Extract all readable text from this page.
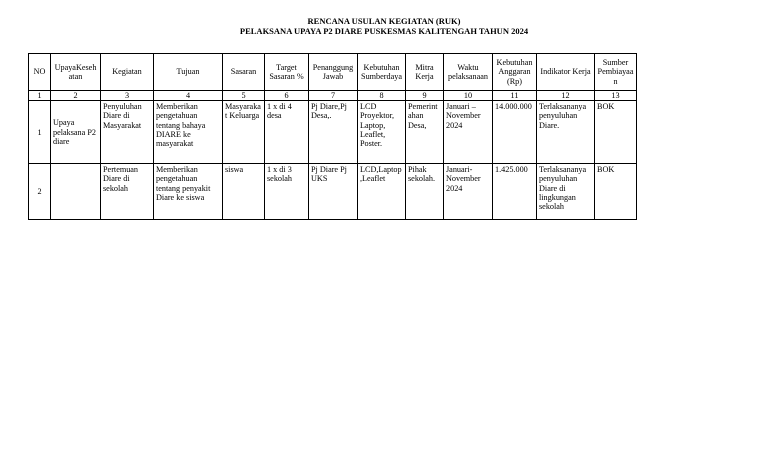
RENCANA USULAN KEGIATAN (RUK)
PELAKSANA UPAYA P2 DIARE PUSKESMAS KALITENGAH TAHUN 2024
NO	UpayaKesehatan	Kegiatan	Tujuan	Sasaran	Target Sasaran %	Penanggung Jawab	Kebutuhan Sumberdaya	Mitra Kerja	Waktu pelaksanaan	Kebutuhan Anggaran (Rp)	Indikator Kerja	Sumber Pembiayaan
1	2	3	4	5	6	7	8	9	10	11	12	13
1	Upaya pelaksana P2 diare	Penyuluhan Diare di Masyarakat	Memberikan pengetahuan tentang bahaya DIARE ke masyarakat	Masyarakat Keluarga	1 x di 4 desa	Pj Diare,Pj Desa,.	LCD Proyektor, Laptop, Leaflet, Poster.	Pemerintahan Desa,	Januari – November 2024	14.000.000	Terlaksananya penyuluhan Diare.	BOK
2		Pertemuan Diare di sekolah	Memberikan pengetahuan tentang penyakit Diare ke siswa	siswa	1 x di 3 sekolah	Pj Diare Pj UKS	LCD,Laptop,Leaflet	Pihak sekolah.	Januari- November 2024	1.425.000	Terlaksananya penyuluhan Diare di lingkungan sekolah	BOK
